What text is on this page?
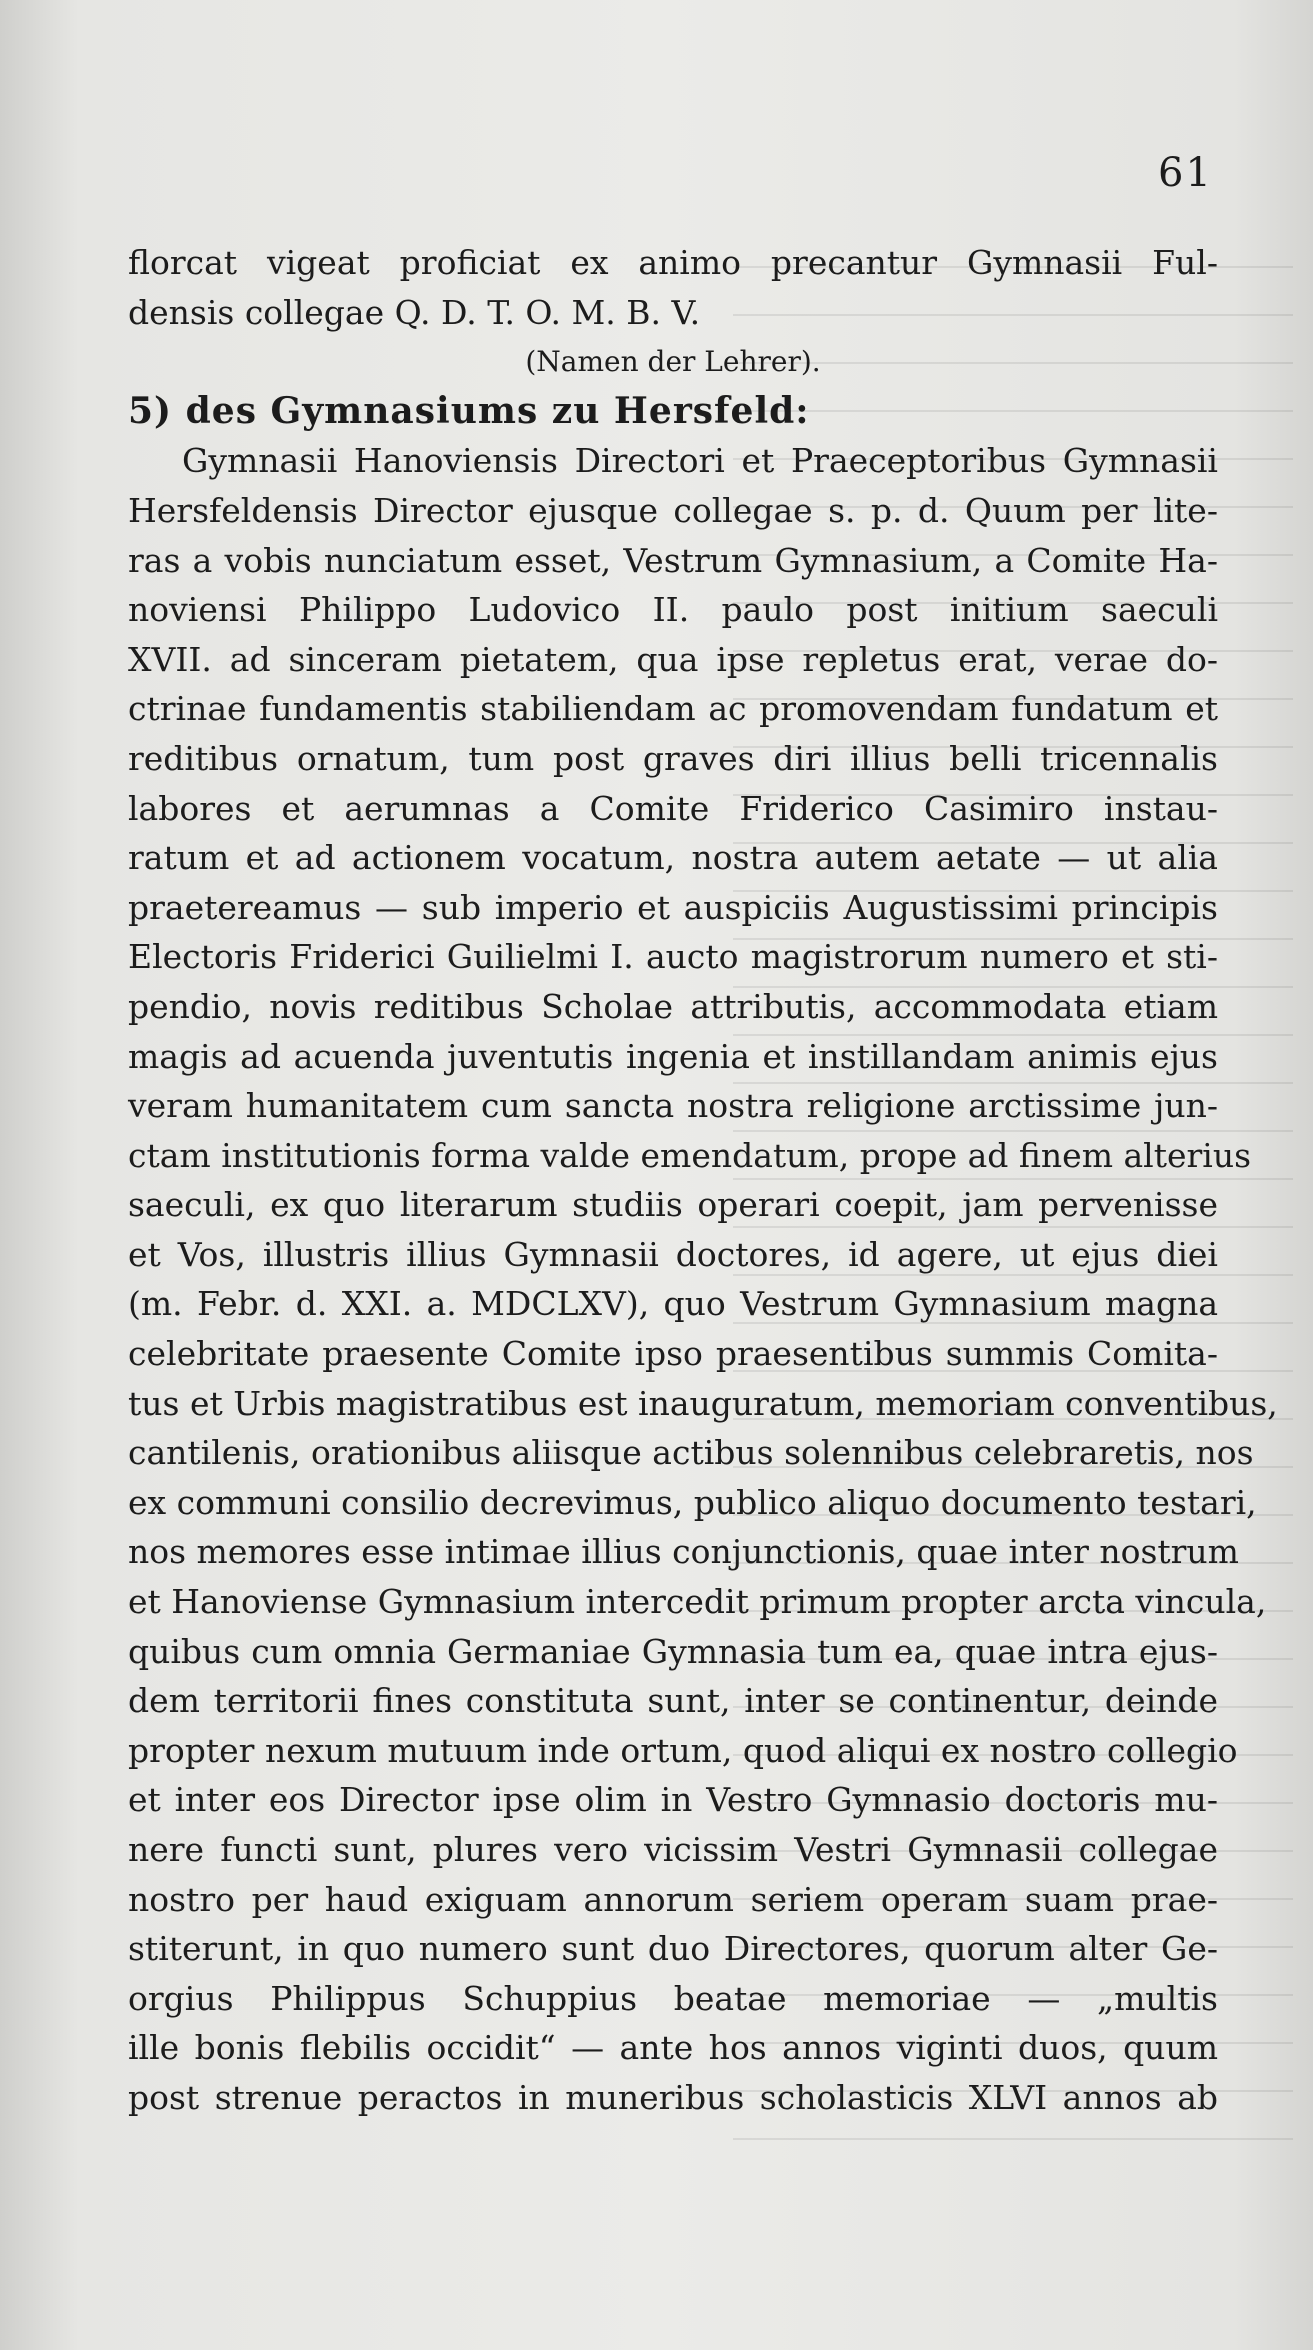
61
florcat vigeat proficiat ex animo precantur Gymnasii Ful-
densis collegae Q. D. T. O. M. B. V.
(Namen der Lehrer).
5) des Gymnasiums zu Hersfeld:
Gymnasii Hanoviensis Directori et Praeceptoribus Gymnasii
Hersfeldensis Director ejusque collegae s. p. d. Quum per lite-
ras a vobis nunciatum esset, Vestrum Gymnasium, a Comite Ha-
noviensi Philippo Ludovico II. paulo post initium saeculi
XVII. ad sinceram pietatem, qua ipse repletus erat, verae do-
ctrinae fundamentis stabiliendam ac promovendam fundatum et
reditibus ornatum, tum post graves diri illius belli tricennalis
labores et aerumnas a Comite Friderico Casimiro instau-
ratum et ad actionem vocatum, nostra autem aetate — ut alia
praetereamus — sub imperio et auspiciis Augustissimi principis
Electoris Friderici Guilielmi I. aucto magistrorum numero et sti-
pendio, novis reditibus Scholae attributis, accommodata etiam
magis ad acuenda juventutis ingenia et instillandam animis ejus
veram humanitatem cum sancta nostra religione arctissime jun-
ctam institutionis forma valde emendatum, prope ad finem alterius
saeculi, ex quo literarum studiis operari coepit, jam pervenisse
et Vos, illustris illius Gymnasii doctores, id agere, ut ejus diei
(m. Febr. d. XXI. a. MDCLXV), quo Vestrum Gymnasium magna
celebritate praesente Comite ipso praesentibus summis Comita-
tus et Urbis magistratibus est inauguratum, memoriam conventibus,
cantilenis, orationibus aliisque actibus solennibus celebraretis, nos
ex communi consilio decrevimus, publico aliquo documento testari,
nos memores esse intimae illius conjunctionis, quae inter nostrum
et Hanoviense Gymnasium intercedit primum propter arcta vincula,
quibus cum omnia Germaniae Gymnasia tum ea, quae intra ejus-
dem territorii fines constituta sunt, inter se continentur, deinde
propter nexum mutuum inde ortum, quod aliqui ex nostro collegio
et inter eos Director ipse olim in Vestro Gymnasio doctoris mu-
nere functi sunt, plures vero vicissim Vestri Gymnasii collegae
nostro per haud exiguam annorum seriem operam suam prae-
stiterunt, in quo numero sunt duo Directores, quorum alter Ge-
orgius Philippus Schuppius beatae memoriae — „multis
ille bonis flebilis occidit“ — ante hos annos viginti duos, quum
post strenue peractos in muneribus scholasticis XLVI annos ab
